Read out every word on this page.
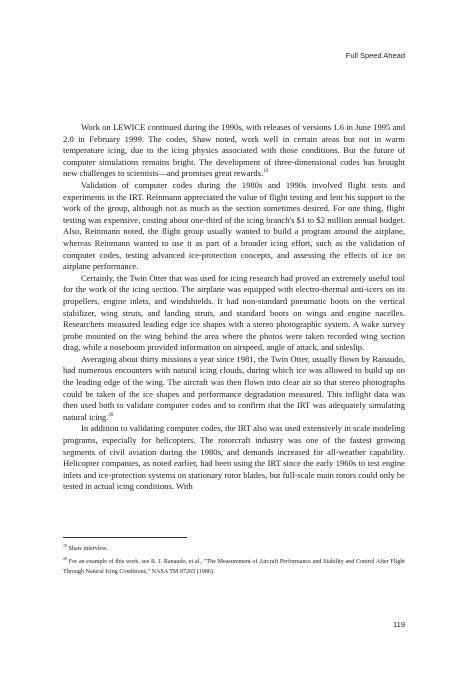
Full Speed Ahead

Work on LEWICE continued during the 1990s, with releases of versions 1.6 in June 1995 and 2.0 in February 1999. The codes, Shaw noted, work well in certain areas but not in warm temperature icing, due to the icing physics associated with those conditions. But the future of computer simulations remains bright. The development of three-dimensional codes has brought new challenges to scientists—and promises great rewards.$^{19}$

Validation of computer codes during the 1980s and 1990s involved flight tests and experiments in the IRT. Reinmann appreciated the value of flight testing and lent his support to the work of the group, although not as much as the section sometimes desired. For one thing, flight testing was expensive, costing about one-third of the icing branch's $1 to $2 million annual budget. Also, Reinmann noted, the flight group usually wanted to build a program around the airplane, whereas Reinmann wanted to use it as part of a broader icing effort, such as the validation of computer codes, testing advanced ice-protection concepts, and assessing the effects of ice on airplane performance.

Certainly, the Twin Otter that was used for icing research had proved an extremely useful tool for the work of the icing section. The airplane was equipped with electro-thermal anti-icers on its propellers, engine inlets, and windshields. It had non-standard pneumatic boots on the vertical stabilizer, wing struts, and landing struts, and standard boots on wings and engine nacelles. Researchers measured leading edge ice shapes with a stereo photographic system. A wake survey probe mounted on the wing behind the area where the photos were taken recorded wing section drag, while a noseboom provided information on airspeed, angle of attack, and sideslip.

Averaging about thirty missions a year since 1981, the Twin Otter, usually flown by Ranaudo, had numerous encounters with natural icing clouds, during which ice was allowed to build up on the leading edge of the wing. The aircraft was then flown into clear air so that stereo photographs could be taken of the ice shapes and performance degradation measured. This inflight data was then used both to validate computer codes and to confirm that the IRT was adequately simulating natural icing.$^{20}$

In addition to validating computer codes, the IRT also was used extensively in scale modeling programs, especially for helicopters. The rotorcraft industry was one of the fastest growing segments of civil aviation during the 1980s, and demands increased for all-weather capability. Helicopter companies, as noted earlier, had been using the IRT since the early 1960s to test engine inlets and ice-protection systems on stationary rotor blades, but full-scale main rotors could only be tested in actual icing conditions. With

$^{19}$ Shaw interview.

$^{20}$ For an example of this work, see R. J. Ranaudo, et al., "The Measurement of Aircraft Performance and Stability and Control After Flight Through Natural Icing Conditions," NASA TM 87265 (1986).

119
